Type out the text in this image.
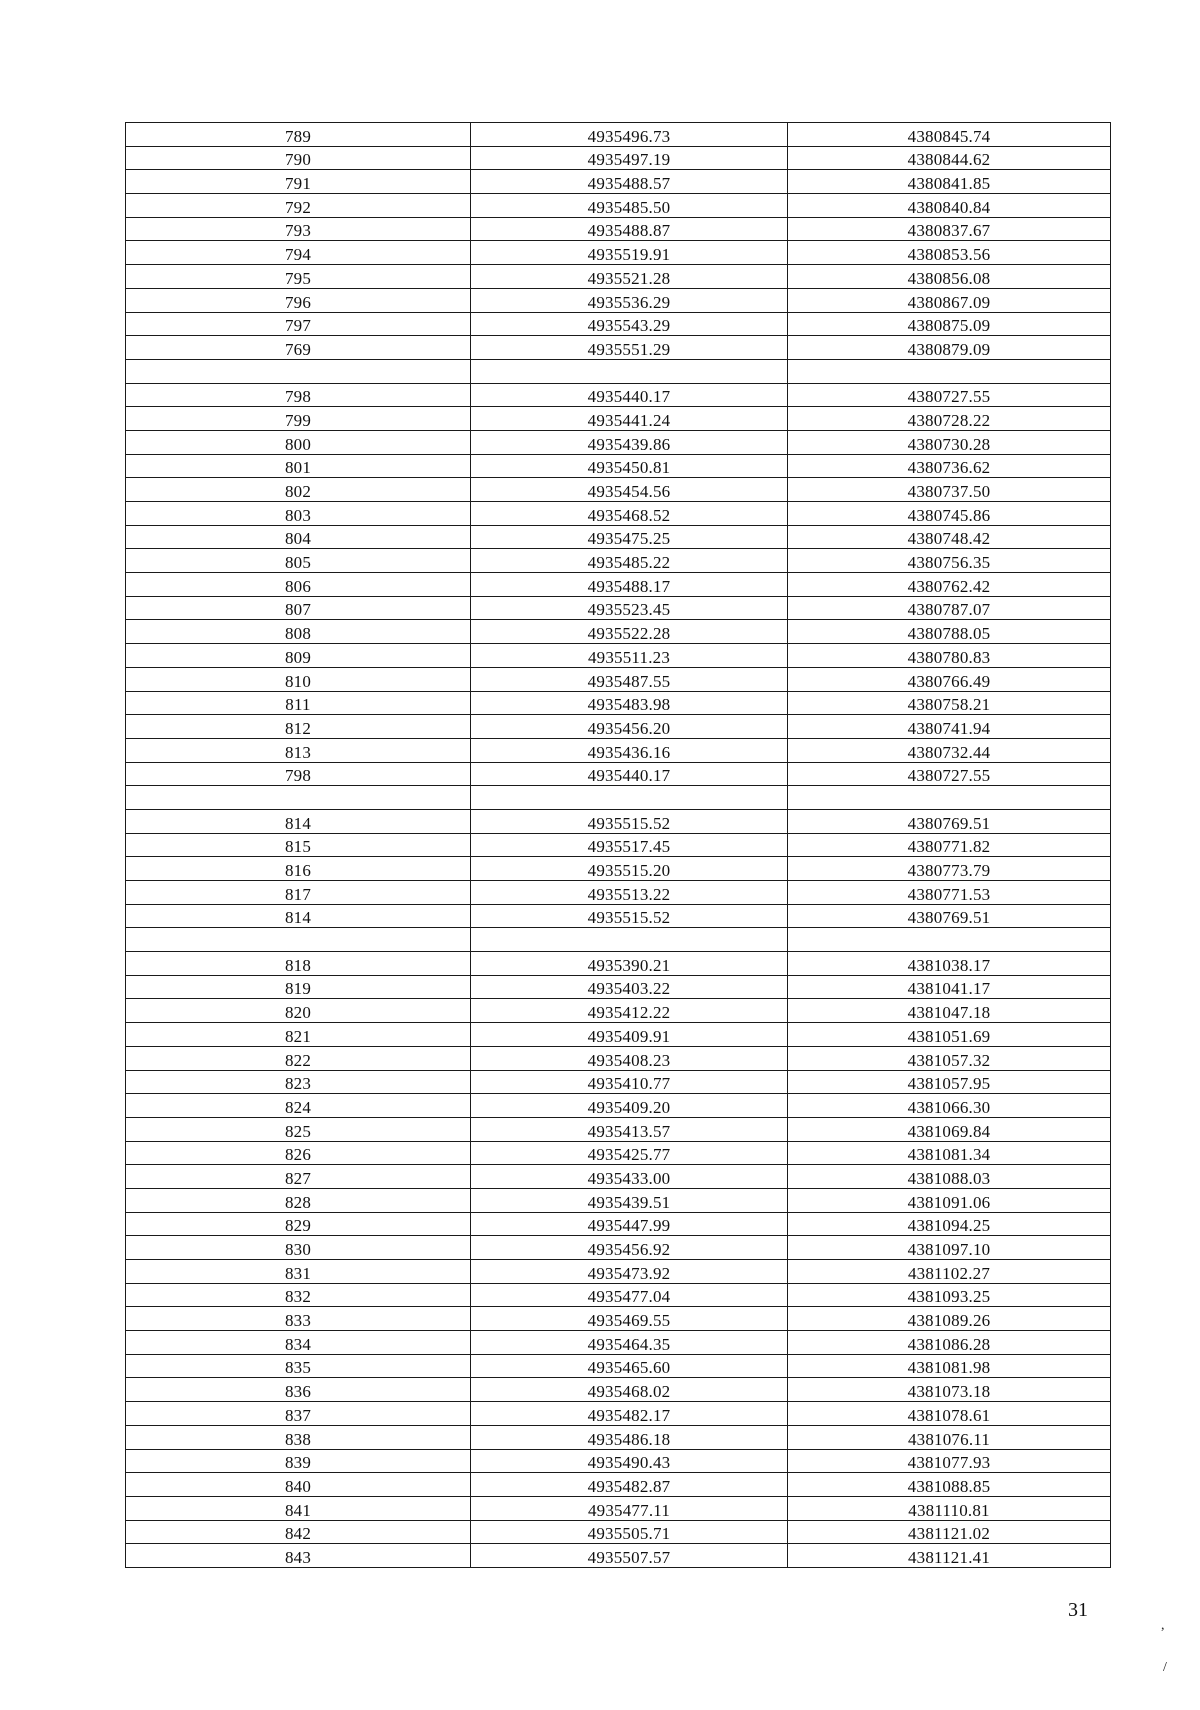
789	4935496.73	4380845.74
790	4935497.19	4380844.62
791	4935488.57	4380841.85
792	4935485.50	4380840.84
793	4935488.87	4380837.67
794	4935519.91	4380853.56
795	4935521.28	4380856.08
796	4935536.29	4380867.09
797	4935543.29	4380875.09
769	4935551.29	4380879.09

798	4935440.17	4380727.55
799	4935441.24	4380728.22
800	4935439.86	4380730.28
801	4935450.81	4380736.62
802	4935454.56	4380737.50
803	4935468.52	4380745.86
804	4935475.25	4380748.42
805	4935485.22	4380756.35
806	4935488.17	4380762.42
807	4935523.45	4380787.07
808	4935522.28	4380788.05
809	4935511.23	4380780.83
810	4935487.55	4380766.49
811	4935483.98	4380758.21
812	4935456.20	4380741.94
813	4935436.16	4380732.44
798	4935440.17	4380727.55

814	4935515.52	4380769.51
815	4935517.45	4380771.82
816	4935515.20	4380773.79
817	4935513.22	4380771.53
814	4935515.52	4380769.51

818	4935390.21	4381038.17
819	4935403.22	4381041.17
820	4935412.22	4381047.18
821	4935409.91	4381051.69
822	4935408.23	4381057.32
823	4935410.77	4381057.95
824	4935409.20	4381066.30
825	4935413.57	4381069.84
826	4935425.77	4381081.34
827	4935433.00	4381088.03
828	4935439.51	4381091.06
829	4935447.99	4381094.25
830	4935456.92	4381097.10
831	4935473.92	4381102.27
832	4935477.04	4381093.25
833	4935469.55	4381089.26
834	4935464.35	4381086.28
835	4935465.60	4381081.98
836	4935468.02	4381073.18
837	4935482.17	4381078.61
838	4935486.18	4381076.11
839	4935490.43	4381077.93
840	4935482.87	4381088.85
841	4935477.11	4381110.81
842	4935505.71	4381121.02
843	4935507.57	4381121.41
31
,
/
